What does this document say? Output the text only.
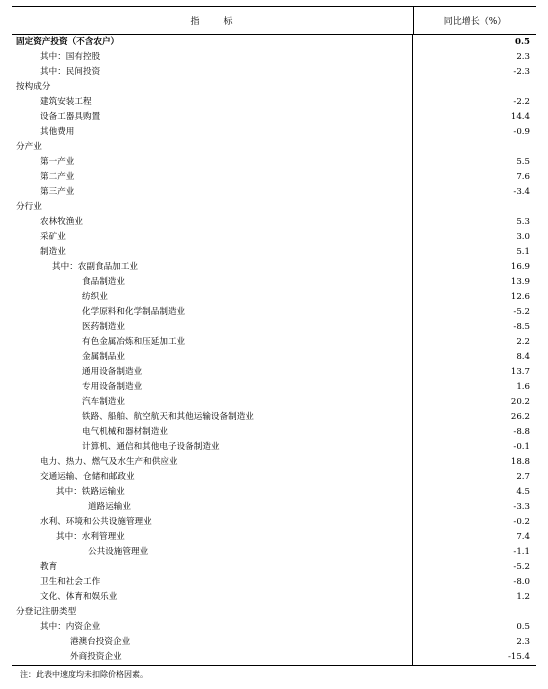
指　　标	同比增长（%）
固定资产投资（不含农户）	0.5
其中：国有控股	2.3
其中：民间投资	-2.3
按构成分
建筑安装工程	-2.2
设备工器具购置	14.4
其他费用	-0.9
分产业
第一产业	5.5
第二产业	7.6
第三产业	-3.4
分行业
农林牧渔业	5.3
采矿业	3.0
制造业	5.1
其中：农副食品加工业	16.9
食品制造业	13.9
纺织业	12.6
化学原料和化学制品制造业	-5.2
医药制造业	-8.5
有色金属冶炼和压延加工业	2.2
金属制品业	8.4
通用设备制造业	13.7
专用设备制造业	1.6
汽车制造业	20.2
铁路、船舶、航空航天和其他运输设备制造业	26.2
电气机械和器材制造业	-8.8
计算机、通信和其他电子设备制造业	-0.1
电力、热力、燃气及水生产和供应业	18.8
交通运输、仓储和邮政业	2.7
其中：铁路运输业	4.5
道路运输业	-3.3
水利、环境和公共设施管理业	-0.2
其中：水利管理业	7.4
公共设施管理业	-1.1
教育	-5.2
卫生和社会工作	-8.0
文化、体育和娱乐业	1.2
分登记注册类型
其中：内资企业	0.5
港澳台投资企业	2.3
外商投资企业	-15.4
注：此表中速度均未扣除价格因素。
